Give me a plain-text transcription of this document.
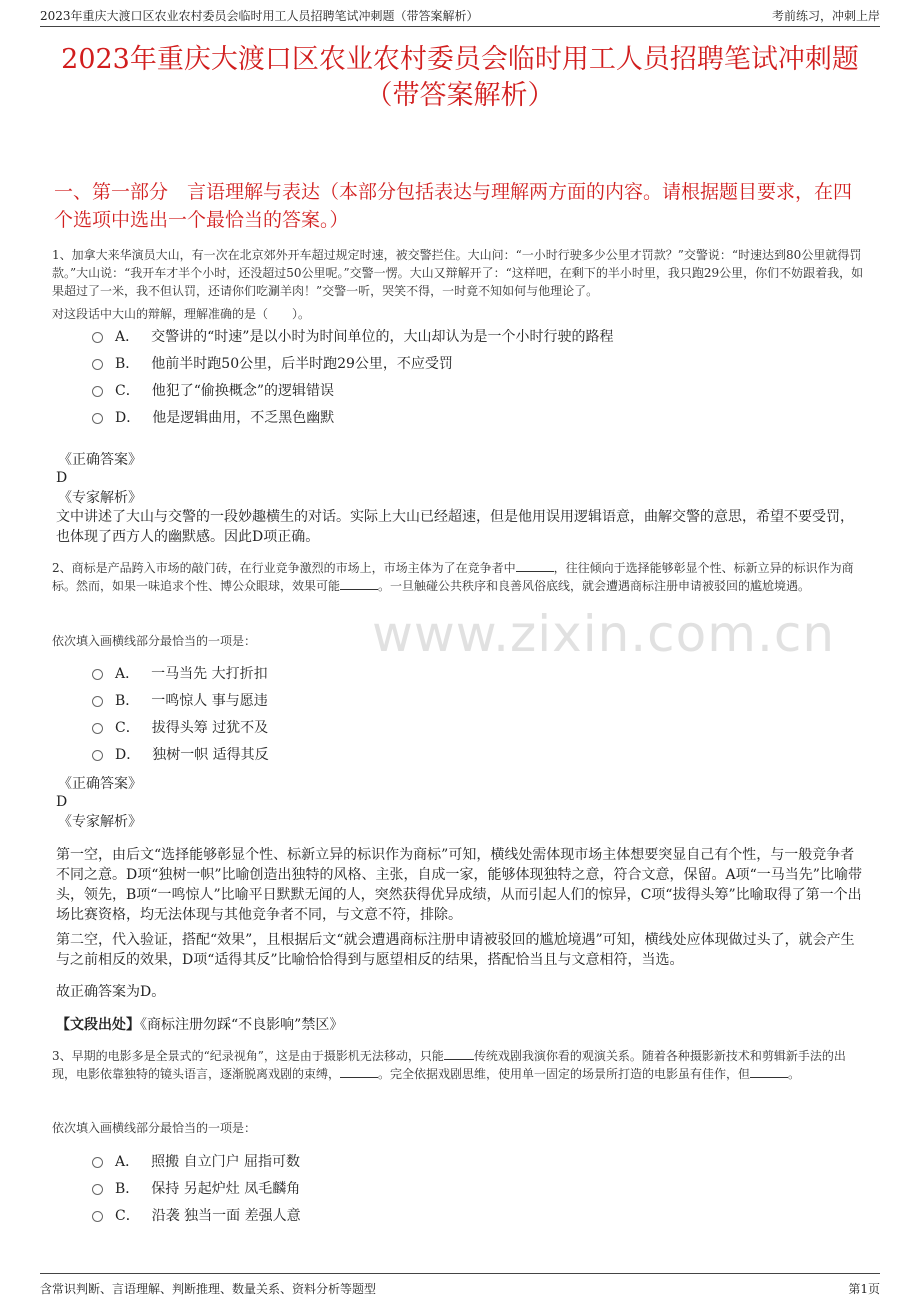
2023年重庆大渡口区农业农村委员会临时用工人员招聘笔试冲刺题（带答案解析）	考前练习，冲刺上岸
2023年重庆大渡口区农业农村委员会临时用工人员招聘笔试冲刺题（带答案解析）
一、第一部分　言语理解与表达（本部分包括表达与理解两方面的内容。请根据题目要求，在四个选项中选出一个最恰当的答案。）
www.zixin.com.cn
1、加拿大来华演员大山，有一次在北京郊外开车超过规定时速，被交警拦住。大山问：“一小时行驶多少公里才罚款？”交警说：“时速达到80公里就得罚款。”大山说：“我开车才半个小时，还没超过50公里呢。”交警一愣。大山又辩解开了：“这样吧，在剩下的半小时里，我只跑29公里，你们不妨跟着我，如果超过了一米，我不但认罚，还请你们吃涮羊肉！”交警一听，哭笑不得，一时竟不知如何与他理论了。
对这段话中大山的辩解，理解准确的是（　　）。
A． 交警讲的“时速”是以小时为时间单位的，大山却认为是一个小时行驶的路程
B． 他前半时跑50公里，后半时跑29公里，不应受罚
C． 他犯了“偷换概念”的逻辑错误
D． 他是逻辑曲用，不乏黑色幽默
《正确答案》
D
《专家解析》
文中讲述了大山与交警的一段妙趣横生的对话。实际上大山已经超速，但是他用误用逻辑语意，曲解交警的意思，希望不要受罚，也体现了西方人的幽默感。因此D项正确。
2、商标是产品跨入市场的敲门砖，在行业竞争激烈的市场上，市场主体为了在竞争者中	，往往倾向于选择能够彰显个性、标新立异的标识作为商标。然而，如果一味追求个性、博公众眼球，效果可能	。一旦触碰公共秩序和良善风俗底线，就会遭遇商标注册申请被驳回的尴尬境遇。
依次填入画横线部分最恰当的一项是：
A． 一马当先 大打折扣
B． 一鸣惊人 事与愿违
C． 拔得头筹 过犹不及
D． 独树一帜 适得其反
《正确答案》
D
《专家解析》
第一空，由后文“选择能够彰显个性、标新立异的标识作为商标”可知，横线处需体现市场主体想要突显自己有个性，与一般竞争者不同之意。D项“独树一帜”比喻创造出独特的风格、主张，自成一家，能够体现独特之意，符合文意，保留。A项“一马当先”比喻带头，领先，B项“一鸣惊人”比喻平日默默无闻的人，突然获得优异成绩，从而引起人们的惊异，C项“拔得头筹”比喻取得了第一个出场比赛资格，均无法体现与其他竞争者不同，与文意不符，排除。
第二空，代入验证，搭配“效果”，且根据后文“就会遭遇商标注册申请被驳回的尴尬境遇”可知，横线处应体现做过头了，就会产生与之前相反的效果，D项“适得其反”比喻恰恰得到与愿望相反的结果，搭配恰当且与文意相符，当选。
故正确答案为D。
【文段出处】《商标注册勿踩“不良影响”禁区》
3、早期的电影多是全景式的“纪录视角”，这是由于摄影机无法移动，只能	传统戏剧我演你看的观演关系。随着各种摄影新技术和剪辑新手法的出现，电影依靠独特的镜头语言，逐渐脱离戏剧的束缚，	。完全依据戏剧思维，使用单一固定的场景所打造的电影虽有佳作，但	。
依次填入画横线部分最恰当的一项是：
A． 照搬 自立门户 屈指可数
B． 保持 另起炉灶 凤毛麟角
C． 沿袭 独当一面 差强人意
含常识判断、言语理解、判断推理、数量关系、资料分析等题型	第1页
